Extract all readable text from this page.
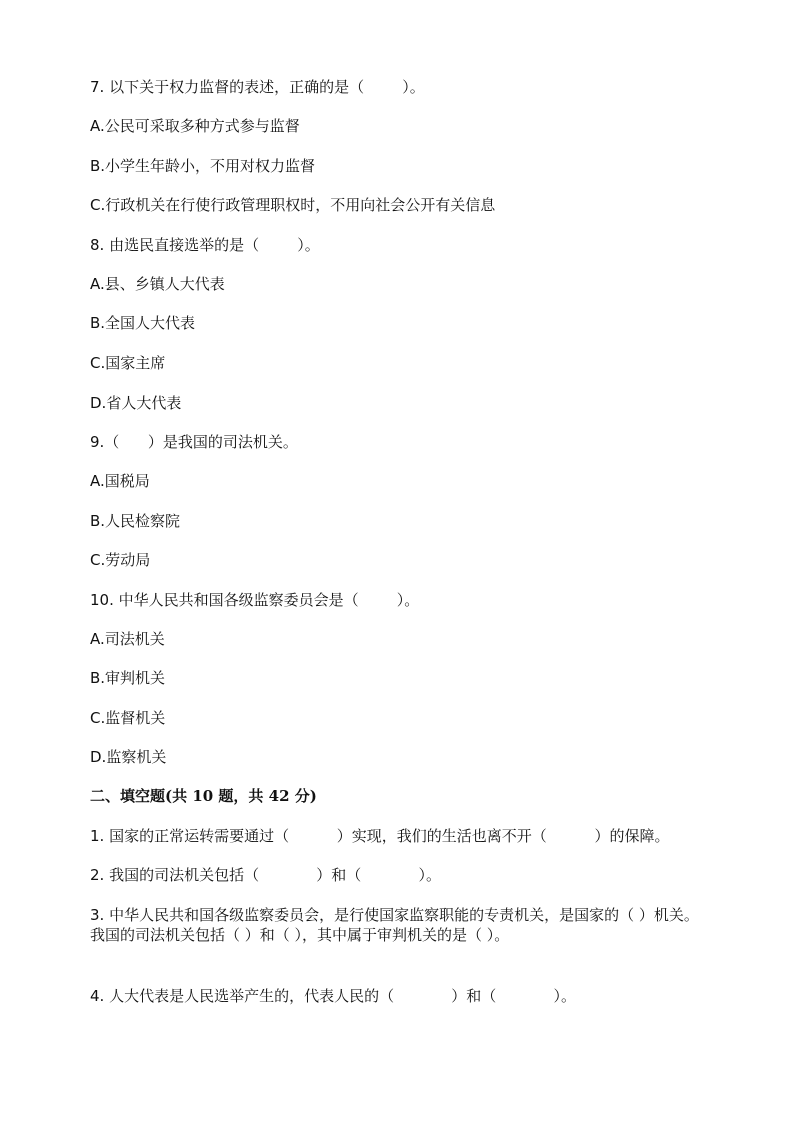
7. 以下关于权力监督的表述，正确的是（        ）。
A.公民可采取多种方式参与监督
B.小学生年龄小，不用对权力监督
C.行政机关在行使行政管理职权时，不用向社会公开有关信息
8. 由选民直接选举的是（        ）。
A.县、乡镇人大代表
B.全国人大代表
C.国家主席
D.省人大代表
9.（      ）是我国的司法机关。
A.国税局
B.人民检察院
C.劳动局
10. 中华人民共和国各级监察委员会是（        ）。
A.司法机关
B.审判机关
C.监督机关
D.监察机关
二、填空题(共 10 题，共 42 分)
1. 国家的正常运转需要通过（          ）实现，我们的生活也离不开（          ）的保障。
2. 我国的司法机关包括（            ）和（            ）。
3. 中华人民共和国各级监察委员会，是行使国家监察职能的专责机关，是国家的（ ）机关。我国的司法机关包括（ ）和（ ），其中属于审判机关的是（ ）。
4. 人大代表是人民选举产生的，代表人民的（            ）和（            ）。
